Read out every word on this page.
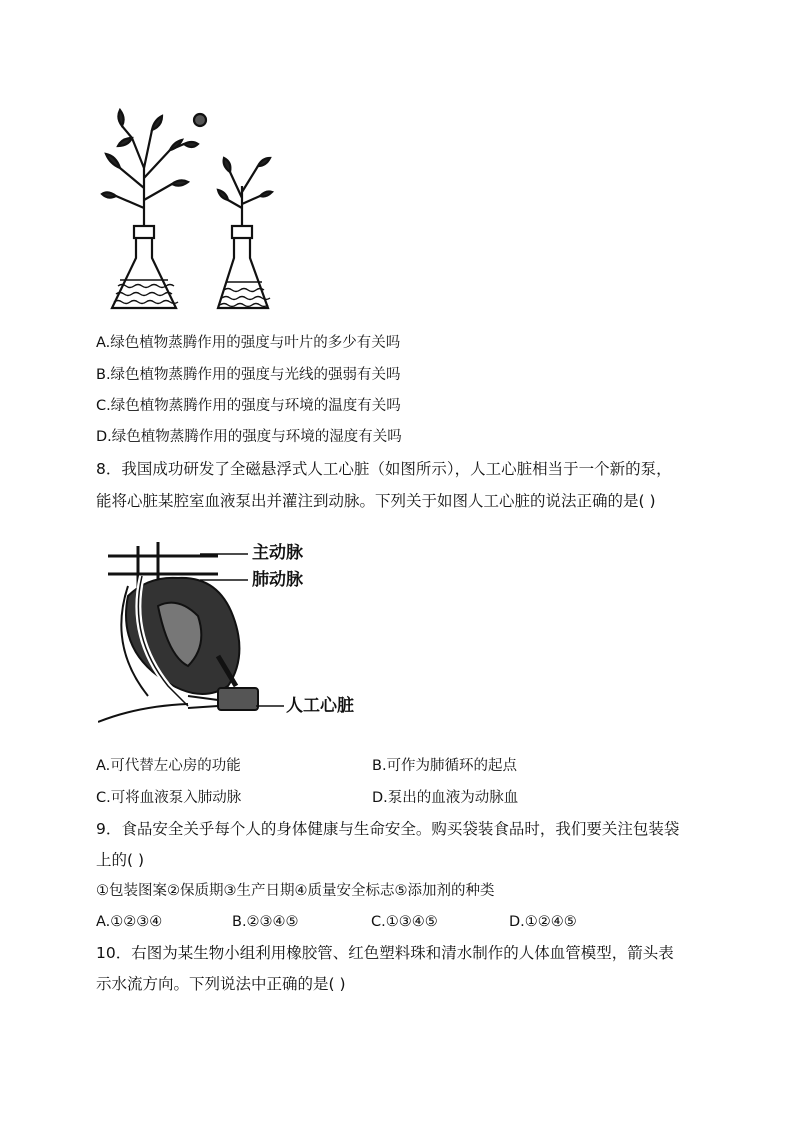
A.绿色植物蒸腾作用的强度与叶片的多少有关吗
B.绿色植物蒸腾作用的强度与光线的强弱有关吗
C.绿色植物蒸腾作用的强度与环境的温度有关吗
D.绿色植物蒸腾作用的强度与环境的湿度有关吗
8．我国成功研发了全磁悬浮式人工心脏（如图所示），人工心脏相当于一个新的泵，
能将心脏某腔室血液泵出并灌注到动脉。下列关于如图人工心脏的说法正确的是( )
主动脉
肺动脉
人工心脏
A.可代替左心房的功能	B.可作为肺循环的起点
C.可将血液泵入肺动脉	D.泵出的血液为动脉血
9．食品安全关乎每个人的身体健康与生命安全。购买袋装食品时，我们要关注包装袋
上的( )
①包装图案②保质期③生产日期④质量安全标志⑤添加剂的种类
A.①②③④	B.②③④⑤	C.①③④⑤	D.①②④⑤
10．右图为某生物小组利用橡胶管、红色塑料珠和清水制作的人体血管模型，箭头表
示水流方向。下列说法中正确的是( )
